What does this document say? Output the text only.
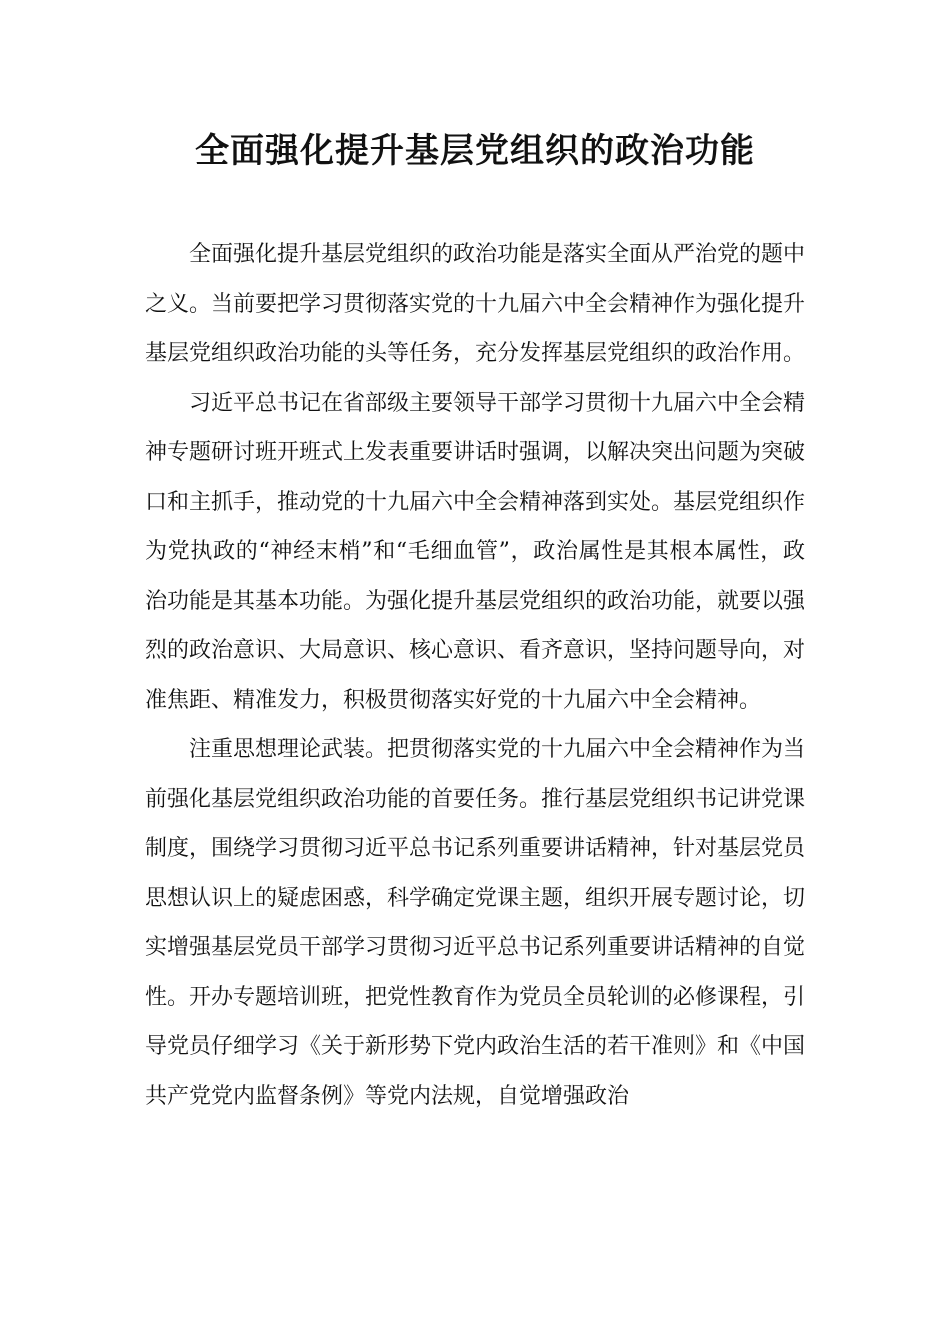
全面强化提升基层党组织的政治功能

全面强化提升基层党组织的政治功能是落实全面从严治党的题中之义。当前要把学习贯彻落实党的十九届六中全会精神作为强化提升基层党组织政治功能的头等任务，充分发挥基层党组织的政治作用。

习近平总书记在省部级主要领导干部学习贯彻十九届六中全会精神专题研讨班开班式上发表重要讲话时强调，以解决突出问题为突破口和主抓手，推动党的十九届六中全会精神落到实处。基层党组织作为党执政的“神经末梢”和“毛细血管”，政治属性是其根本属性，政治功能是其基本功能。为强化提升基层党组织的政治功能，就要以强烈的政治意识、大局意识、核心意识、看齐意识，坚持问题导向，对准焦距、精准发力，积极贯彻落实好党的十九届六中全会精神。

注重思想理论武装。把贯彻落实党的十九届六中全会精神作为当前强化基层党组织政治功能的首要任务。推行基层党组织书记讲党课制度，围绕学习贯彻习近平总书记系列重要讲话精神，针对基层党员思想认识上的疑虑困惑，科学确定党课主题，组织开展专题讨论，切实增强基层党员干部学习贯彻习近平总书记系列重要讲话精神的自觉性。开办专题培训班，把党性教育作为党员全员轮训的必修课程，引导党员仔细学习《关于新形势下党内政治生活的若干准则》和《中国共产党党内监督条例》等党内法规，自觉增强政治
